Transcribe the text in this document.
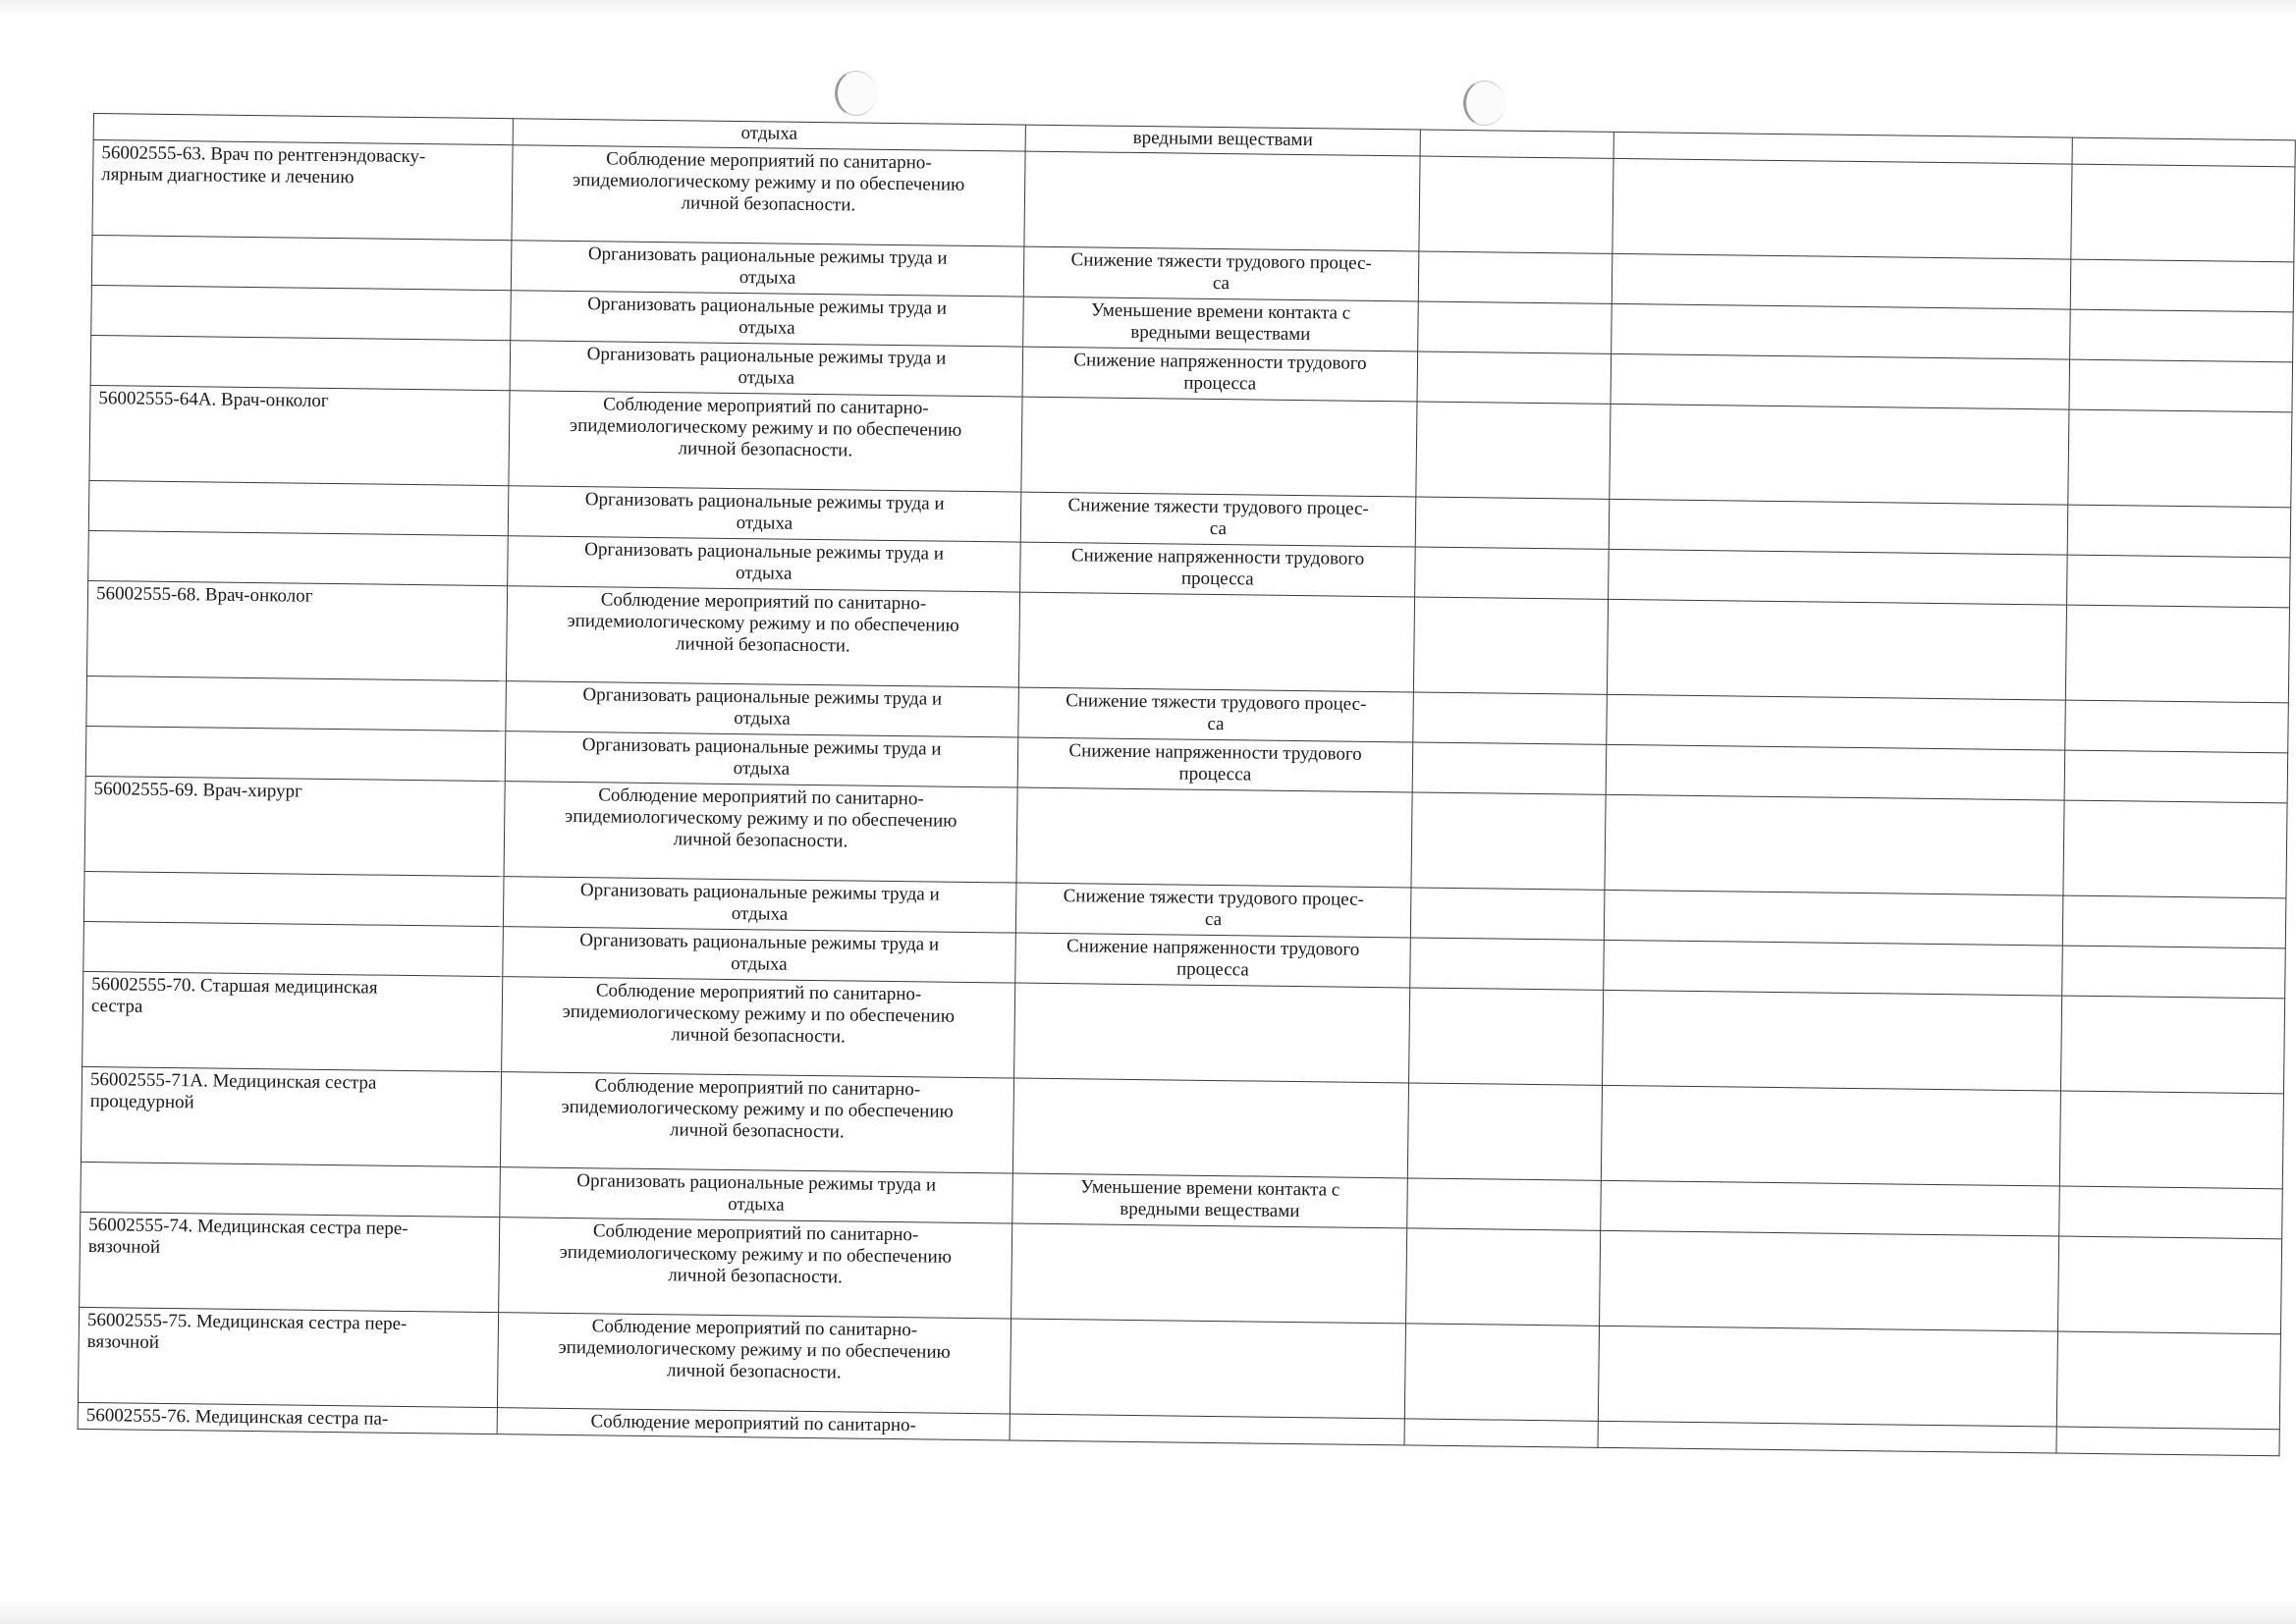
	отдыха	вредными веществами			

56002555-63. Врач по рентгенэндоваску-
лярным диагностике и лечению	Соблюдение мероприятий по санитарно-
эпидемиологическому режиму и по обеспечению
личной безопасности.				

	Организовать рациональные режимы труда и
отдыха	Снижение тяжести трудового процес-
са			

	Организовать рациональные режимы труда и
отдыха	Уменьшение времени контакта с
вредными веществами			

	Организовать рациональные режимы труда и
отдыха	Снижение напряженности трудового
процесса			

56002555-64А. Врач-онколог	Соблюдение мероприятий по санитарно-
эпидемиологическому режиму и по обеспечению
личной безопасности.				

	Организовать рациональные режимы труда и
отдыха	Снижение тяжести трудового процес-
са			

	Организовать рациональные режимы труда и
отдыха	Снижение напряженности трудового
процесса			

56002555-68. Врач-онколог	Соблюдение мероприятий по санитарно-
эпидемиологическому режиму и по обеспечению
личной безопасности.				

	Организовать рациональные режимы труда и
отдыха	Снижение тяжести трудового процес-
са			

	Организовать рациональные режимы труда и
отдыха	Снижение напряженности трудового
процесса			

56002555-69. Врач-хирург	Соблюдение мероприятий по санитарно-
эпидемиологическому режиму и по обеспечению
личной безопасности.				

	Организовать рациональные режимы труда и
отдыха	Снижение тяжести трудового процес-
са			

	Организовать рациональные режимы труда и
отдыха	Снижение напряженности трудового
процесса			

56002555-70. Старшая медицинская
сестра	Соблюдение мероприятий по санитарно-
эпидемиологическому режиму и по обеспечению
личной безопасности.				

56002555-71А. Медицинская сестра
процедурной	Соблюдение мероприятий по санитарно-
эпидемиологическому режиму и по обеспечению
личной безопасности.				

	Организовать рациональные режимы труда и
отдыха	Уменьшение времени контакта с
вредными веществами			

56002555-74. Медицинская сестра пере-
вязочной	Соблюдение мероприятий по санитарно-
эпидемиологическому режиму и по обеспечению
личной безопасности.				

56002555-75. Медицинская сестра пере-
вязочной	Соблюдение мероприятий по санитарно-
эпидемиологическому режиму и по обеспечению
личной безопасности.				

56002555-76. Медицинская сестра па-	Соблюдение мероприятий по санитарно-				
